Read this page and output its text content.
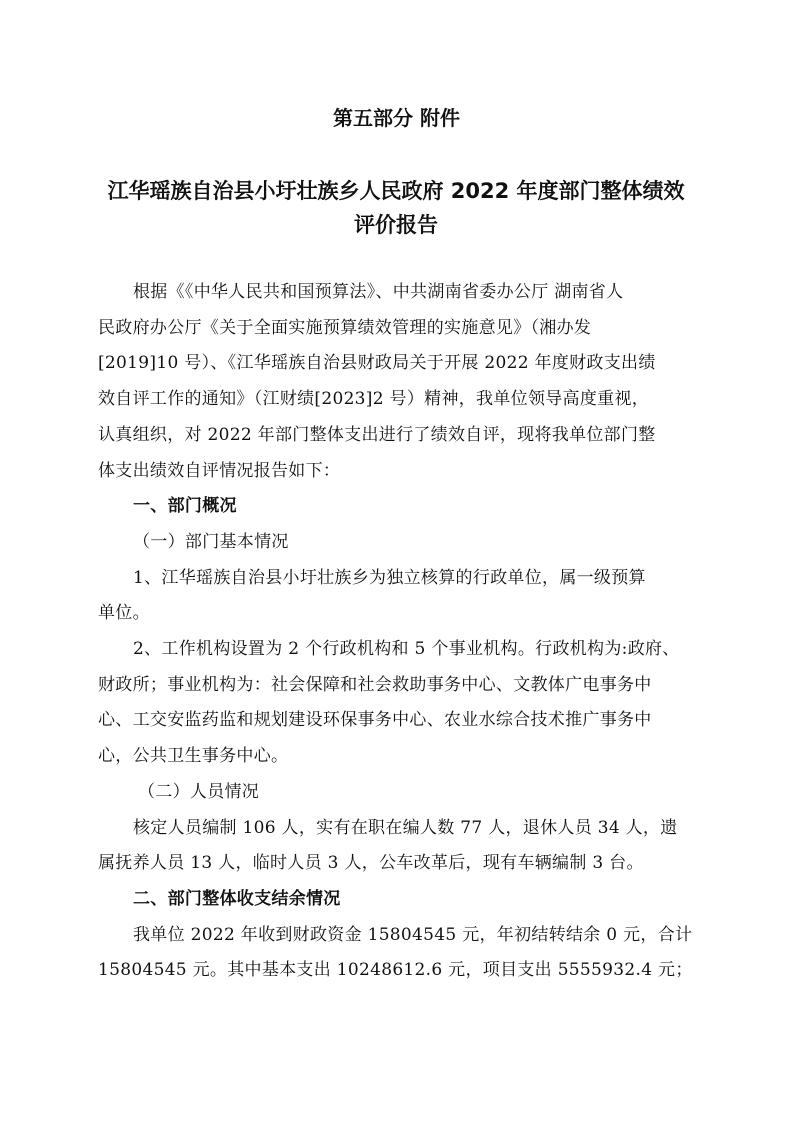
第五部分 附件
江华瑶族自治县小圩壮族乡人民政府 2022 年度部门整体绩效
评价报告

根据《《中华人民共和国预算法》、中共湖南省委办公厅 湖南省人
民政府办公厅《关于全面实施预算绩效管理的实施意见》（湘办发
[2019]10 号）、《江华瑶族自治县财政局关于开展 2022 年度财政支出绩
效自评工作的通知》（江财绩[2023]2 号）精神，我单位领导高度重视，
认真组织，对 2022 年部门整体支出进行了绩效自评，现将我单位部门整
体支出绩效自评情况报告如下：

一、部门概况

（一）部门基本情况

1、江华瑶族自治县小圩壮族乡为独立核算的行政单位，属一级预算
单位。

2、工作机构设置为 2 个行政机构和 5 个事业机构。行政机构为:政府、
财政所；事业机构为：社会保障和社会救助事务中心、文教体广电事务中
心、工交安监药监和规划建设环保事务中心、农业水综合技术推广事务中
心，公共卫生事务中心。

（二）人员情况

核定人员编制 106 人，实有在职在编人数 77 人，退休人员 34 人，遗
属抚养人员 13 人，临时人员 3 人，公车改革后，现有车辆编制 3 台。

二、部门整体收支结余情况

我单位 2022 年收到财政资金 15804545 元，年初结转结余 0 元，合计
15804545 元。其中基本支出 10248612.6 元，项目支出 5555932.4 元；
